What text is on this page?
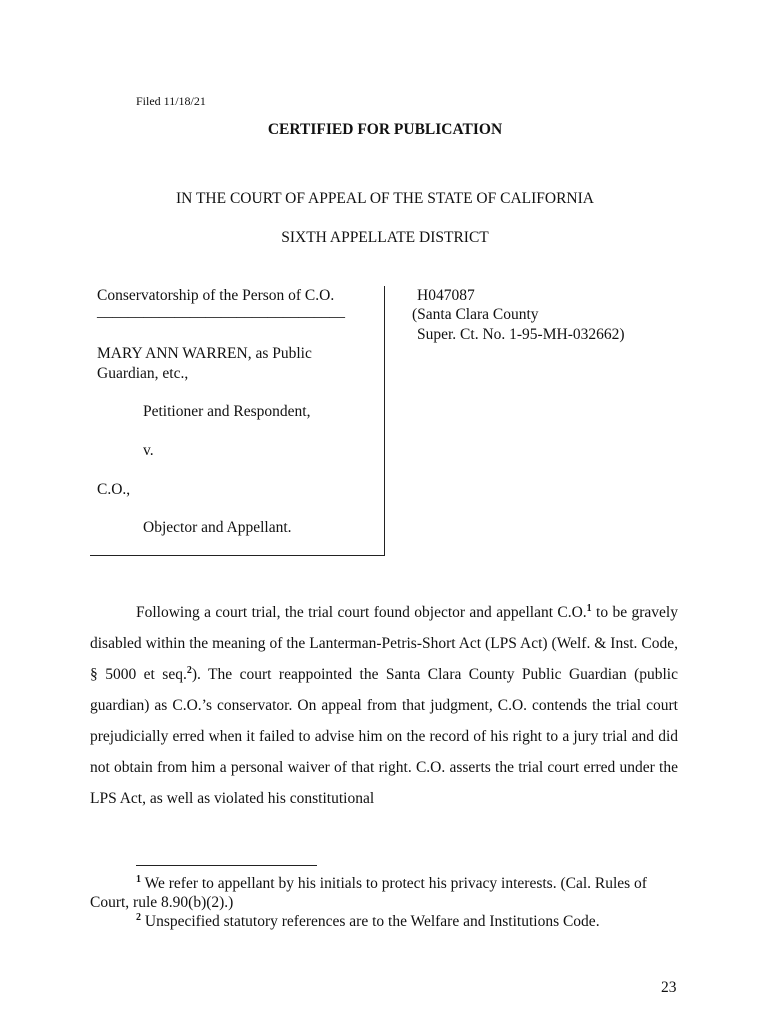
Filed 11/18/21
CERTIFIED FOR PUBLICATION
IN THE COURT OF APPEAL OF THE STATE OF CALIFORNIA
SIXTH APPELLATE DISTRICT
Conservatorship of the Person of C.O.
________________________________
MARY ANN WARREN, as Public
Guardian, etc.,
Petitioner and Respondent,
v.
C.O.,
Objector and Appellant.
H047087
(Santa Clara County
Super. Ct. No. 1-95-MH-032662)

Following a court trial, the trial court found objector and appellant C.O.$^1$ to be gravely disabled within the meaning of the Lanterman-Petris-Short Act (LPS Act) (Welf. & Inst. Code, § 5000 et seq.$^2$). The court reappointed the Santa Clara County Public Guardian (public guardian) as C.O.’s conservator. On appeal from that judgment, C.O. contends the trial court prejudicially erred when it failed to advise him on the record of his right to a jury trial and did not obtain from him a personal waiver of that right. C.O. asserts the trial court erred under the LPS Act, as well as violated his constitutional

$^1$ We refer to appellant by his initials to protect his privacy interests. (Cal. Rules of Court, rule 8.90(b)(2).)

$^2$ Unspecified statutory references are to the Welfare and Institutions Code.

23
